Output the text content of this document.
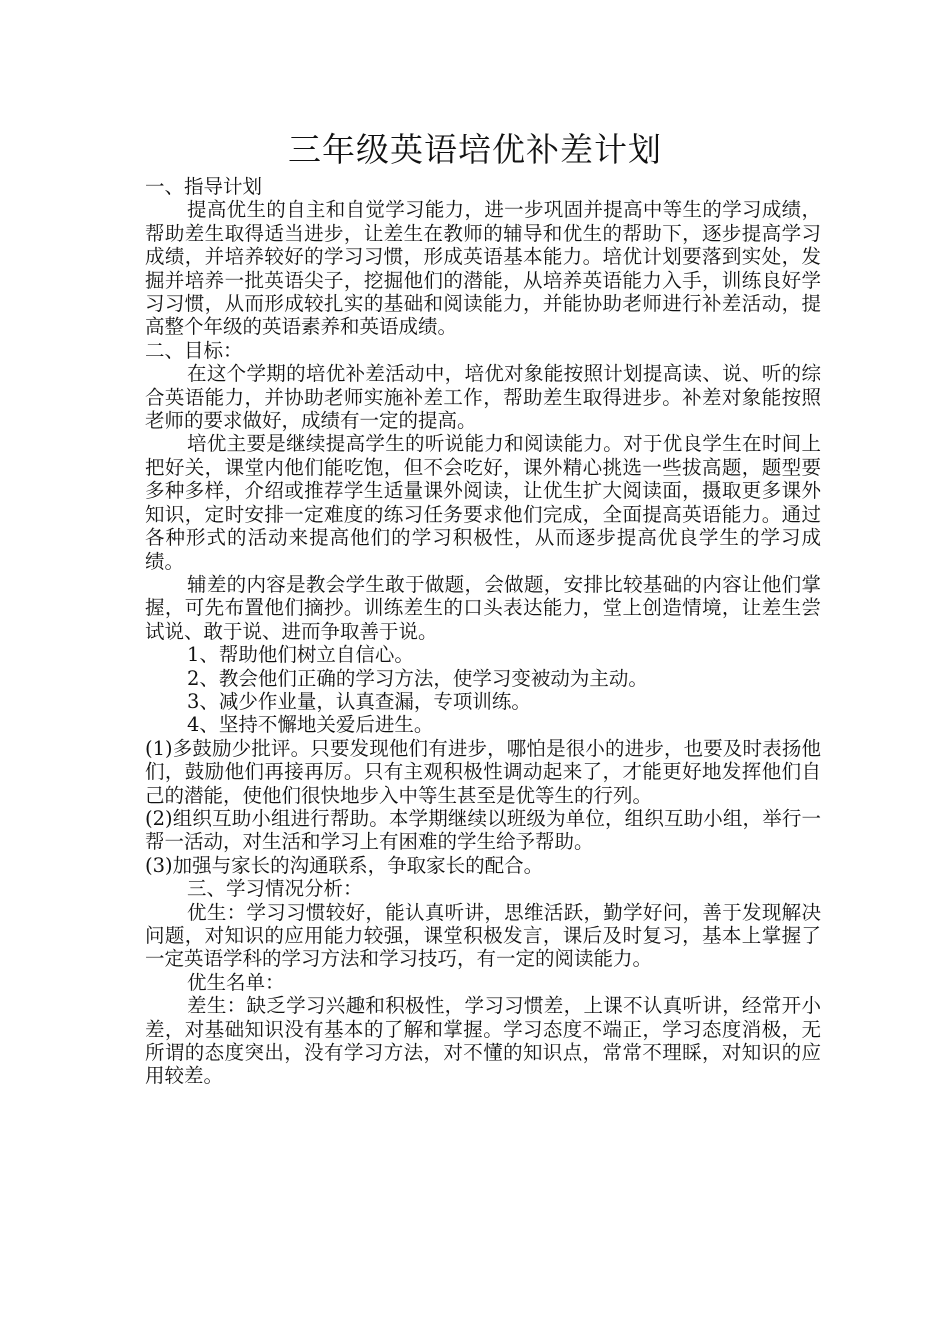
三年级英语培优补差计划

一、指导计划

提高优生的自主和自觉学习能力，进一步巩固并提高中等生的学习成绩，帮助差生取得适当进步，让差生在教师的辅导和优生的帮助下，逐步提高学习成绩，并培养较好的学习习惯，形成英语基本能力。培优计划要落到实处，发掘并培养一批英语尖子，挖掘他们的潜能，从培养英语能力入手，训练良好学习习惯，从而形成较扎实的基础和阅读能力，并能协助老师进行补差活动，提高整个年级的英语素养和英语成绩。

二、目标：

在这个学期的培优补差活动中，培优对象能按照计划提高读、说、听的综合英语能力，并协助老师实施补差工作，帮助差生取得进步。补差对象能按照老师的要求做好，成绩有一定的提高。

培优主要是继续提高学生的听说能力和阅读能力。对于优良学生在时间上把好关，课堂内他们能吃饱，但不会吃好，课外精心挑选一些拔高题，题型要多种多样，介绍或推荐学生适量课外阅读，让优生扩大阅读面，摄取更多课外知识，定时安排一定难度的练习任务要求他们完成，全面提高英语能力。通过各种形式的活动来提高他们的学习积极性，从而逐步提高优良学生的学习成绩。

辅差的内容是教会学生敢于做题，会做题，安排比较基础的内容让他们掌握，可先布置他们摘抄。训练差生的口头表达能力，堂上创造情境，让差生尝试说、敢于说、进而争取善于说。

1、帮助他们树立自信心。

2、教会他们正确的学习方法，使学习变被动为主动。

3、减少作业量，认真查漏，专项训练。

4、坚持不懈地关爱后进生。

(1)多鼓励少批评。只要发现他们有进步，哪怕是很小的进步，也要及时表扬他们，鼓励他们再接再厉。只有主观积极性调动起来了，才能更好地发挥他们自己的潜能，使他们很快地步入中等生甚至是优等生的行列。

(2)组织互助小组进行帮助。本学期继续以班级为单位，组织互助小组，举行一帮一活动，对生活和学习上有困难的学生给予帮助。

(3)加强与家长的沟通联系，争取家长的配合。

三、学习情况分析：

优生：学习习惯较好，能认真听讲，思维活跃，勤学好问，善于发现解决问题，对知识的应用能力较强，课堂积极发言，课后及时复习，基本上掌握了一定英语学科的学习方法和学习技巧，有一定的阅读能力。

优生名单：

差生：缺乏学习兴趣和积极性，学习习惯差，上课不认真听讲，经常开小差，对基础知识没有基本的了解和掌握。学习态度不端正，学习态度消极，无所谓的态度突出，没有学习方法，对不懂的知识点，常常不理睬，对知识的应用较差。
